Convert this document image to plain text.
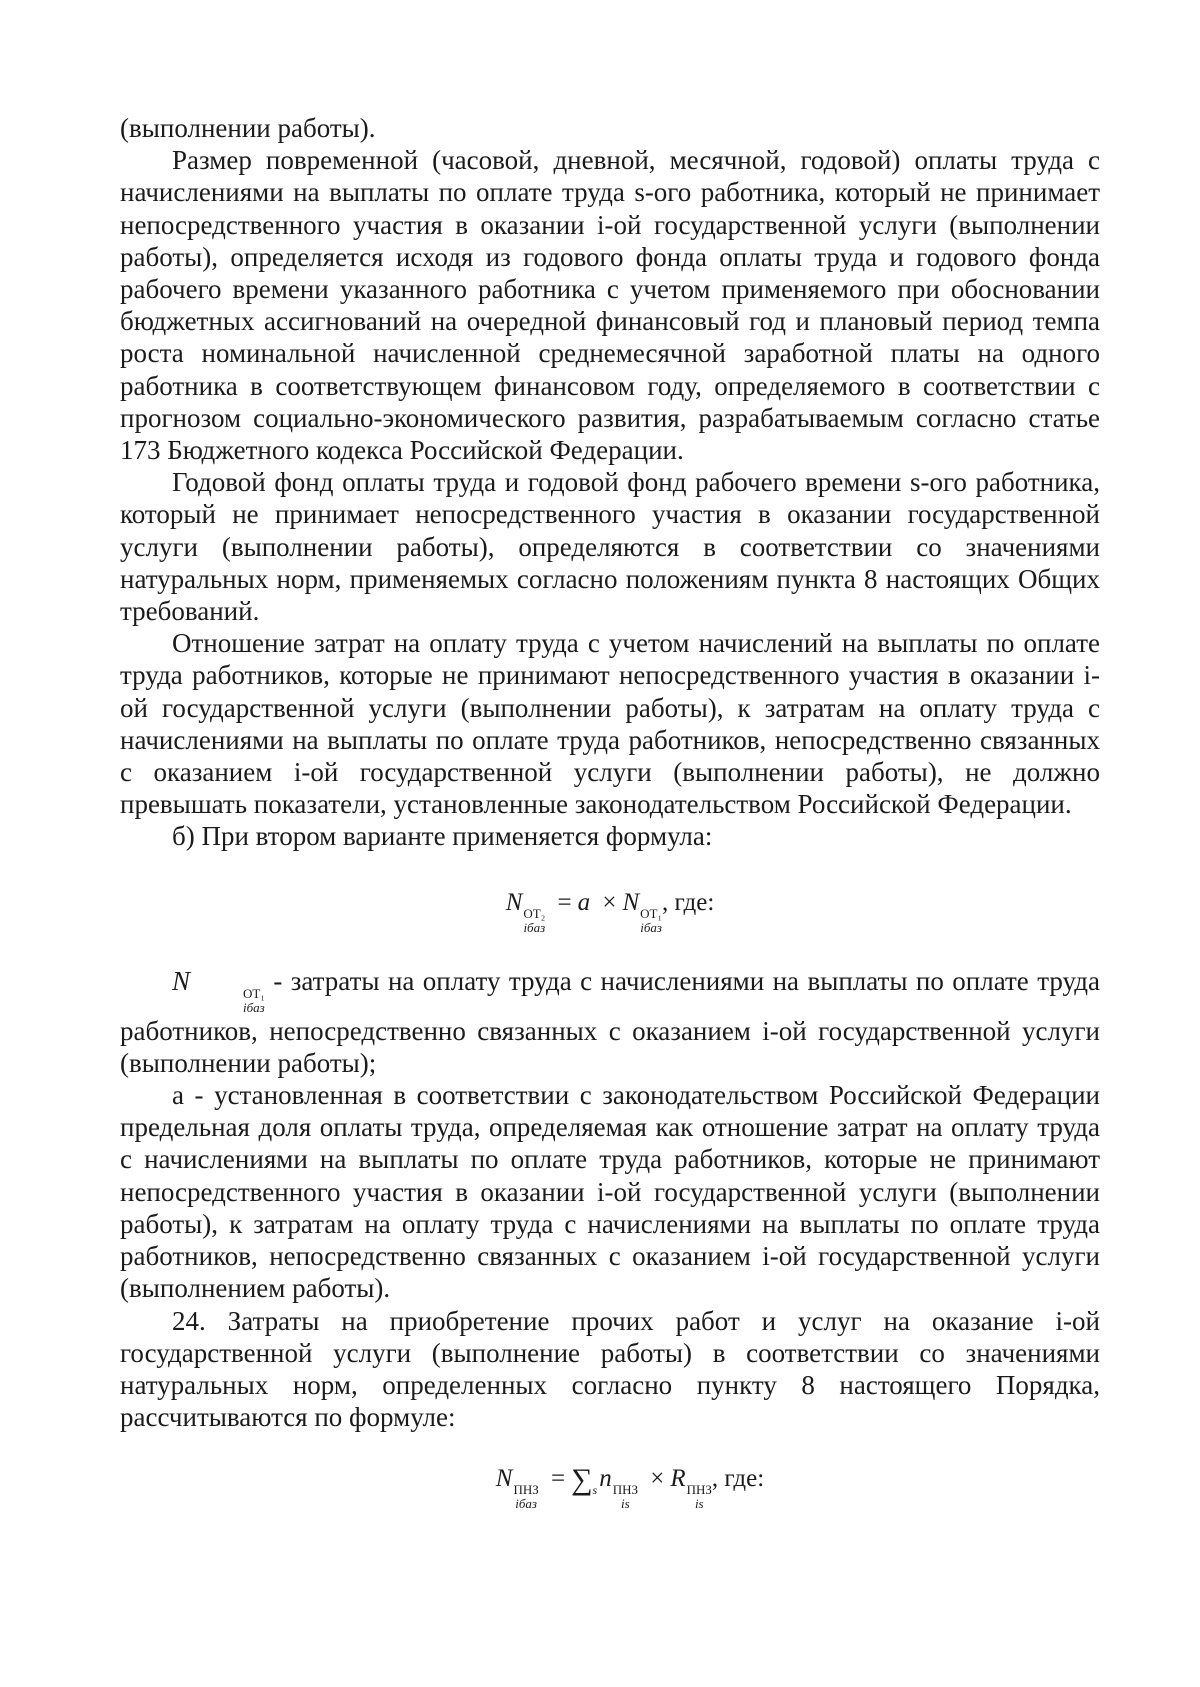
(выполнении работы).

Размер повременной (часовой, дневной, месячной, годовой) оплаты труда с начислениями на выплаты по оплате труда s-ого работника, который не принимает непосредственного участия в оказании i-ой государственной услуги (выполнении работы), определяется исходя из годового фонда оплаты труда и годового фонда рабочего времени указанного работника с учетом применяемого при обосновании бюджетных ассигнований на очередной финансовый год и плановый период темпа роста номинальной начисленной среднемесячной заработной платы на одного работника в соответствующем финансовом году, определяемого в соответствии с прогнозом социально-экономического развития, разрабатываемым согласно статье 173 Бюджетного кодекса Российской Федерации.

Годовой фонд оплаты труда и годовой фонд рабочего времени s-ого работника, который не принимает непосредственного участия в оказании государственной услуги (выполнении работы), определяются в соответствии со значениями натуральных норм, применяемых согласно положениям пункта 8 настоящих Общих требований.

Отношение затрат на оплату труда с учетом начислений на выплаты по оплате труда работников, которые не принимают непосредственного участия в оказании i-ой государственной услуги (выполнении работы), к затратам на оплату труда с начислениями на выплаты по оплате труда работников, непосредственно связанных с оказанием i-ой государственной услуги (выполнении работы), не должно превышать показатели, установленные законодательством Российской Федерации.

б) При втором варианте применяется формула:

N ОТ₂
iбаз
= a × N ОТ₁
iбаз
, где:

N	ОТ₁
iбаз
- затраты на оплату труда с начислениями на выплаты по оплате труда работников, непосредственно связанных с оказанием i-ой государственной услуги (выполнении работы);

а - установленная в соответствии с законодательством Российской Федерации предельная доля оплаты труда, определяемая как отношение затрат на оплату труда с начислениями на выплаты по оплате труда работников, которые не принимают непосредственного участия в оказании i-ой государственной услуги (выполнении работы), к затратам на оплату труда с начислениями на выплаты по оплате труда работников, непосредственно связанных с оказанием i-ой государственной услуги (выполнением работы).

24. Затраты на приобретение прочих работ и услуг на оказание i-ой государственной услуги (выполнение работы) в соответствии со значениями натуральных норм, определенных согласно пункту 8 настоящего Порядка, рассчитываются по формуле:

N ПНЗ
iбаз
= $\sum_sn$ ПНЗ
is
× R ПНЗ
is
, где:
